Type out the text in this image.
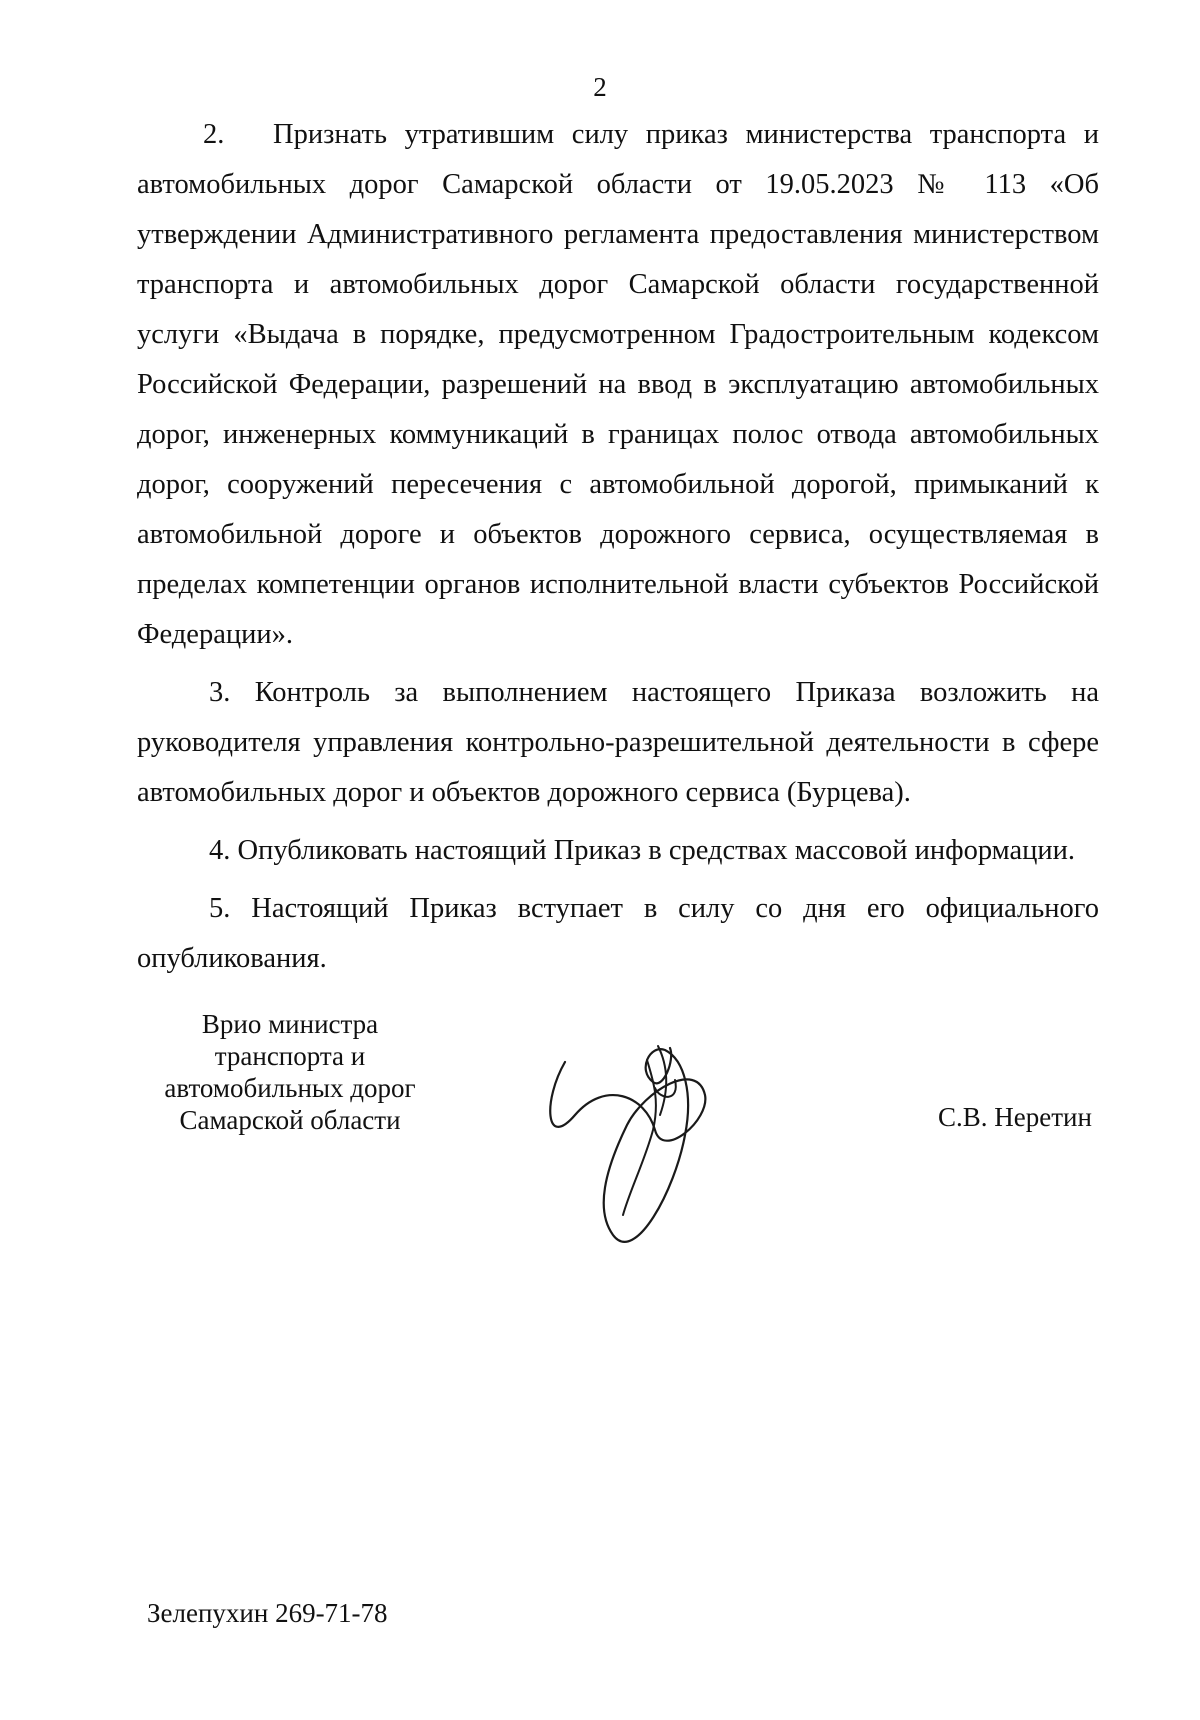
2

2. Признать утратившим силу приказ министерства транспорта и автомобильных дорог Самарской области от 19.05.2023 № 113 «Об утверждении Административного регламента предоставления министерством транспорта и автомобильных дорог Самарской области государственной услуги «Выдача в порядке, предусмотренном Градостроительным кодексом Российской Федерации, разрешений на ввод в эксплуатацию автомобильных дорог, инженерных коммуникаций в границах полос отвода автомобильных дорог, сооружений пересечения с автомобильной дорогой, примыканий к автомобильной дороге и объектов дорожного сервиса, осуществляемая в пределах компетенции органов исполнительной власти субъектов Российской Федерации».

3. Контроль за выполнением настоящего Приказа возложить на руководителя управления контрольно-разрешительной деятельности в сфере автомобильных дорог и объектов дорожного сервиса (Бурцева).

4. Опубликовать настоящий Приказ в средствах массовой информации.

5. Настоящий Приказ вступает в силу со дня его официального опубликования.

Врио министра
транспорта и
автомобильных дорог
Самарской области	С.В. Неретин
Зелепухин 269-71-78
